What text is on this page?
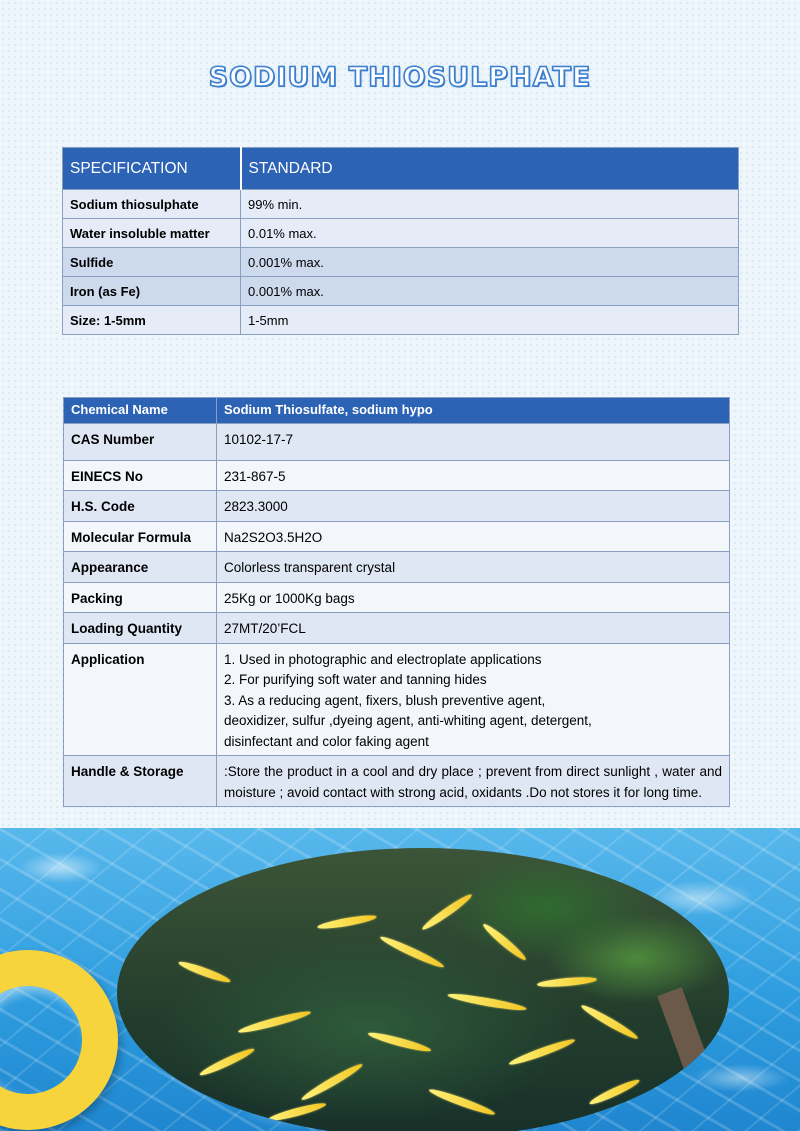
SODIUM THIOSULPHATE
SPECIFICATION	STANDARD
Sodium thiosulphate	99% min.
Water insoluble matter	0.01% max.
Sulfide	0.001% max.
Iron (as Fe)	0.001% max.
Size: 1-5mm	1-5mm
Chemical Name	Sodium Thiosulfate, sodium hypo
CAS Number	10102-17-7
EINECS No	231-867-5
H.S. Code	2823.3000
Molecular Formula	Na2S2O3.5H2O
Appearance	Colorless transparent crystal
Packing	25Kg or 1000Kg bags
Loading Quantity	27MT/20’FCL
Application	1. Used in photographic and electroplate applications
2. For purifying soft water and tanning hides
3. As a reducing agent, fixers, blush preventive agent,
deoxidizer, sulfur ,dyeing agent, anti-whiting agent, detergent,
disinfectant and color faking agent

Handle & Storage	:Store the product in a cool and dry place ; prevent from direct sunlight , water and moisture ; avoid contact with strong acid, oxidants .Do not stores it for long time.
